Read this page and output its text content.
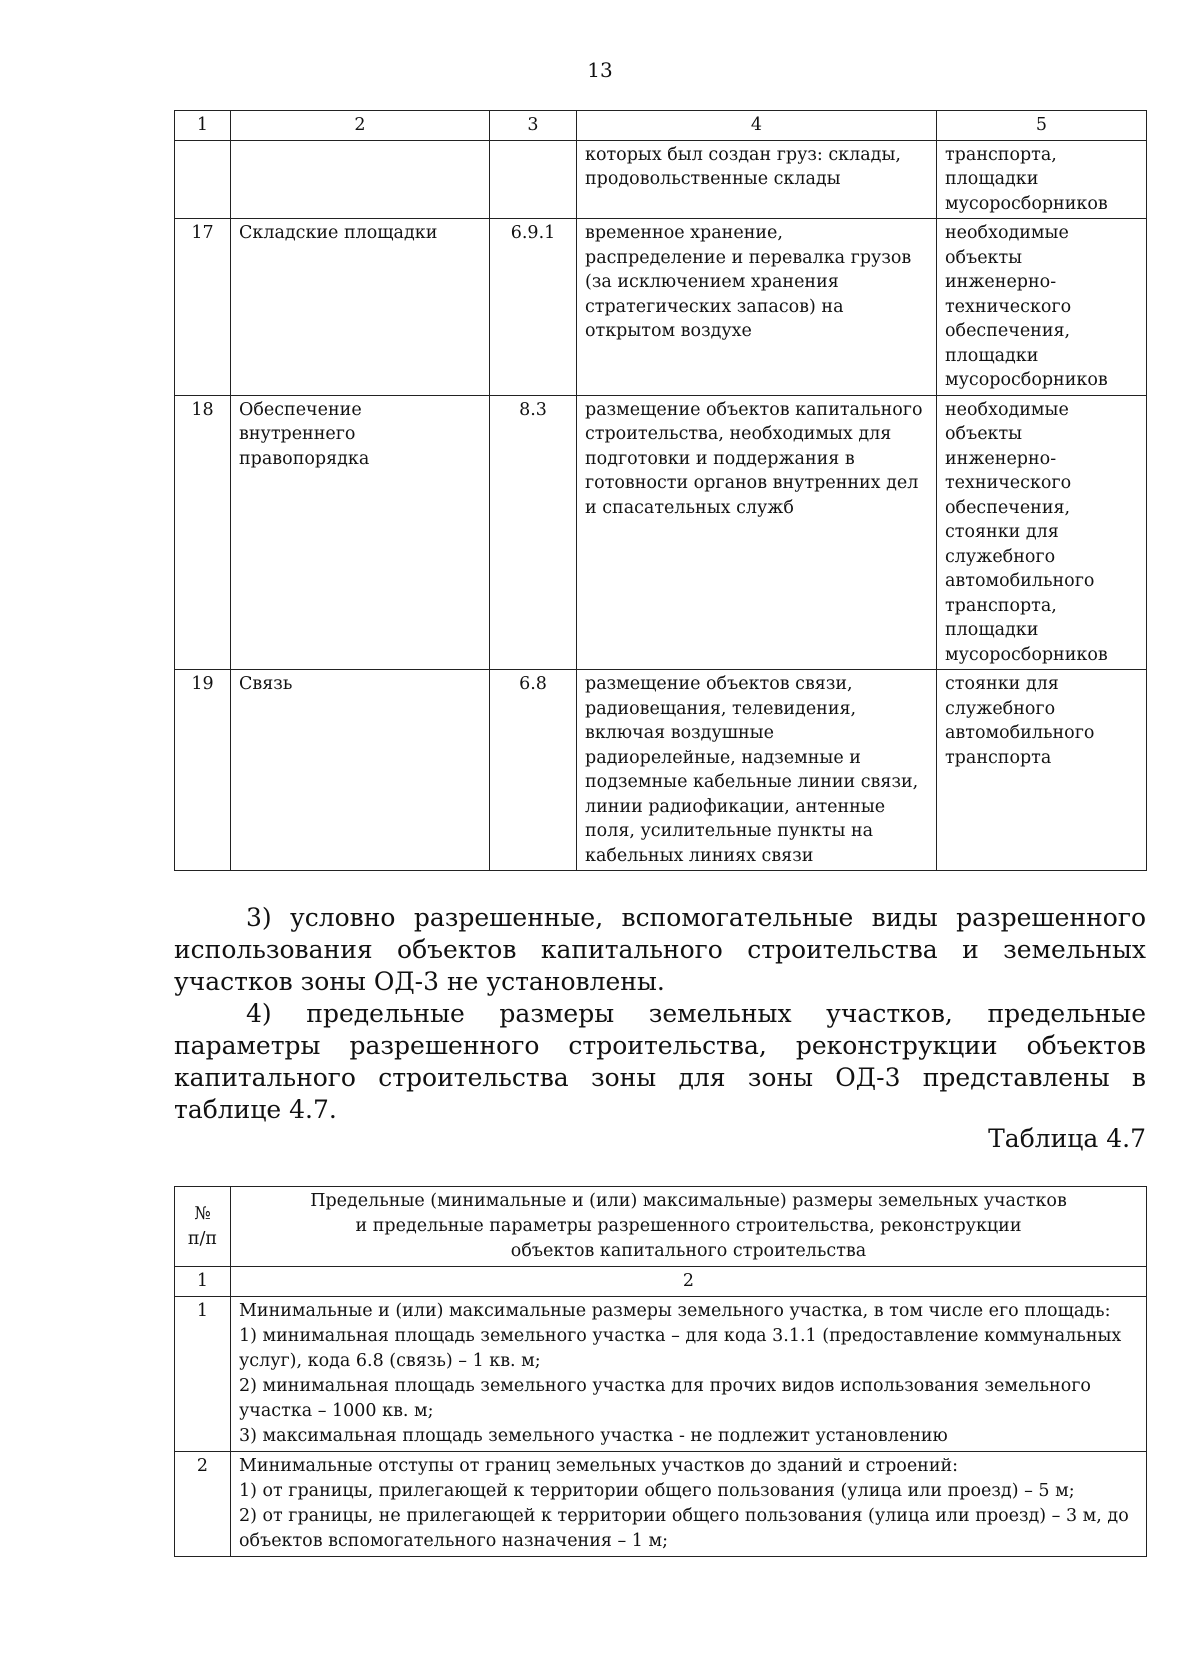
13
1	2	3	4	5
			которых был создан груз: склады, продовольственные склады	транспорта, площадки мусоросборников
17	Складские площадки	6.9.1	временное хранение, распределение и перевалка грузов (за исключением хранения стратегических запасов) на открытом воздухе	необходимые объекты инженерно-технического обеспечения, площадки мусоросборников
18	Обеспечение внутреннего правопорядка	8.3	размещение объектов капитального строительства, необходимых для подготовки и поддержания в готовности органов внутренних дел и спасательных служб	необходимые объекты инженерно-технического обеспечения, стоянки для служебного автомобильного транспорта, площадки мусоросборников
19	Связь	6.8	размещение объектов связи, радиовещания, телевидения, включая воздушные радиорелейные, надземные и подземные кабельные линии связи, линии радиофикации, антенные поля, усилительные пункты на кабельных линиях связи	стоянки для служебного автомобильного транспорта
3) условно разрешенные, вспомогательные виды разрешенного использования объектов капитального строительства и земельных участков зоны ОД-3 не установлены.
4) предельные размеры земельных участков, предельные параметры разрешенного строительства, реконструкции объектов капитального строительства зоны для зоны ОД-3 представлены в таблице 4.7.
Таблица 4.7
№ п/п	Предельные (минимальные и (или) максимальные) размеры земельных участков
и предельные параметры разрешенного строительства, реконструкции
объектов капитального строительства

1	2
1	Минимальные и (или) максимальные размеры земельного участка, в том числе его площадь:
1) минимальная площадь земельного участка – для кода 3.1.1 (предоставление коммунальных услуг), кода 6.8 (связь) – 1 кв. м;
2) минимальная площадь земельного участка для прочих видов использования земельного участка – 1000 кв. м;
3) максимальная площадь земельного участка - не подлежит установлению

2	Минимальные отступы от границ земельных участков до зданий и строений:
1) от границы, прилегающей к территории общего пользования (улица или проезд) – 5 м;
2) от границы, не прилегающей к территории общего пользования (улица или проезд) – 3 м, до объектов вспомогательного назначения – 1 м;
